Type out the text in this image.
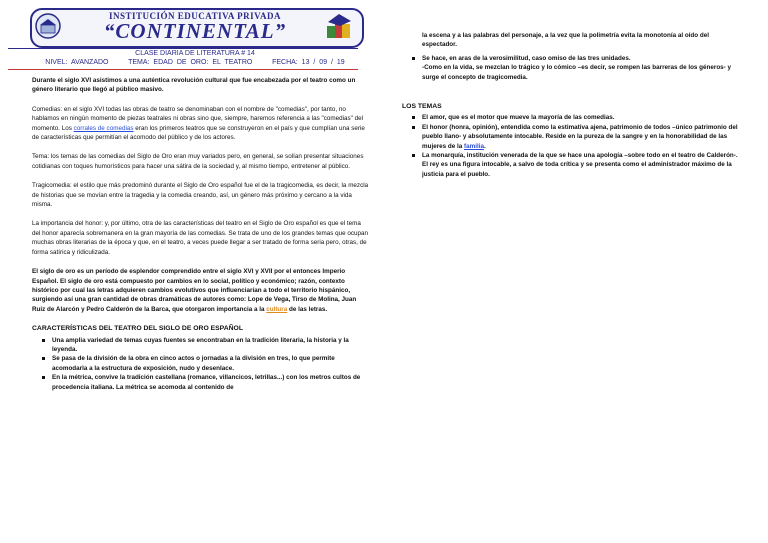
INSTITUCIÓN EDUCATIVA PRIVADA
“CONTINENTAL”
CLASE DIARIA DE LITERATURA # 14
NIVEL: AVANZADO	TEMA: EDAD DE ORO: EL TEATRO	FECHA: 13 / 09 / 19

Durante el siglo XVI asistimos a una auténtica revolución cultural que fue encabezada por el teatro como un género literario que llegó al público masivo.

Comedias: en el siglo XVI todas las obras de teatro se denominaban con el nombre de "comedias", por tanto, no hablamos en ningún momento de piezas teatrales ni obras sino que, siempre, haremos referencia a las "comedias" del momento. Los corrales de comedias eran los primeros teatros que se construyeron en el país y que cumplían una serie de características que permitían el acomodo del público y de los actores.

Tema: los temas de las comedias del Siglo de Oro eran muy variados pero, en general, se solían presentar situaciones cotidianas con toques humorísticos para hacer una sátira de la sociedad y, al mismo tiempo, entretener al público.

Tragicomedia: el estilo que más predominó durante el Siglo de Oro español fue el de la tragicomedia, es decir, la mezcla de historias que se movían entre la tragedia y la comedia creando, así, un género más próximo y cercano a la vida misma.

La importancia del honor: y, por último, otra de las características del teatro en el Siglo de Oro español es que el tema del honor aparecía sobremanera en la gran mayoría de las comedias. Se trata de uno de los grandes temas que ocupan muchas obras literarias de la época y que, en el teatro, a veces puede llegar a ser tratado de forma seria pero, otras, de forma satírica y ridiculizada.

El siglo de oro es un período de esplendor comprendido entre el siglo XVI y XVII por el entonces Imperio Español. El siglo de oro está compuesto por cambios en lo social, político y económico; razón, contexto histórico por cual las letras adquieren cambios evolutivos que influenciarían a todo el territorio hispánico, surgiendo así una gran cantidad de obras dramáticas de autores como: Lope de Vega, Tirso de Molina, Juan Ruiz de Alarcón y Pedro Calderón de la Barca, que otorgaron importancia a la cultura de las letras.

CARACTERÍSTICAS DEL TEATRO DEL SIGLO DE ORO ESPAÑOL
Una amplia variedad de temas cuyas fuentes se encontraban en la tradición literaria, la historia y la leyenda.
Se pasa de la división de la obra en cinco actos o jornadas a la división en tres, lo que permite acomodarla a la estructura de exposición, nudo y desenlace.
En la métrica, convive la tradición castellana (romance, villancicos, letrillas...) con los metros cultos de procedencia italiana. La métrica se acomoda al contenido de

la escena y a las palabras del personaje, a la vez que la polimetría evita la monotonía al oído del espectador.

Se hace, en aras de la verosimilitud, caso omiso de las tres unidades.

-Como en la vida, se mezclan lo trágico y lo cómico –es decir, se rompen las barreras de los géneros- y surge el concepto de tragicomedia.

LOS TEMAS
El amor, que es el motor que mueve la mayoría de las comedias.
El honor (honra, opinión), entendida como la estimativa ajena, patrimonio de todos –único patrimonio del pueblo llano- y absolutamente intocable. Reside en la pureza de la sangre y en la honorabilidad de las mujeres de la familia.
La monarquía, institución venerada de la que se hace una apología –sobre todo en el teatro de Calderón-. El rey es una figura intocable, a salvo de toda crítica y se presenta como el administrador máximo de la justicia para el pueblo.
